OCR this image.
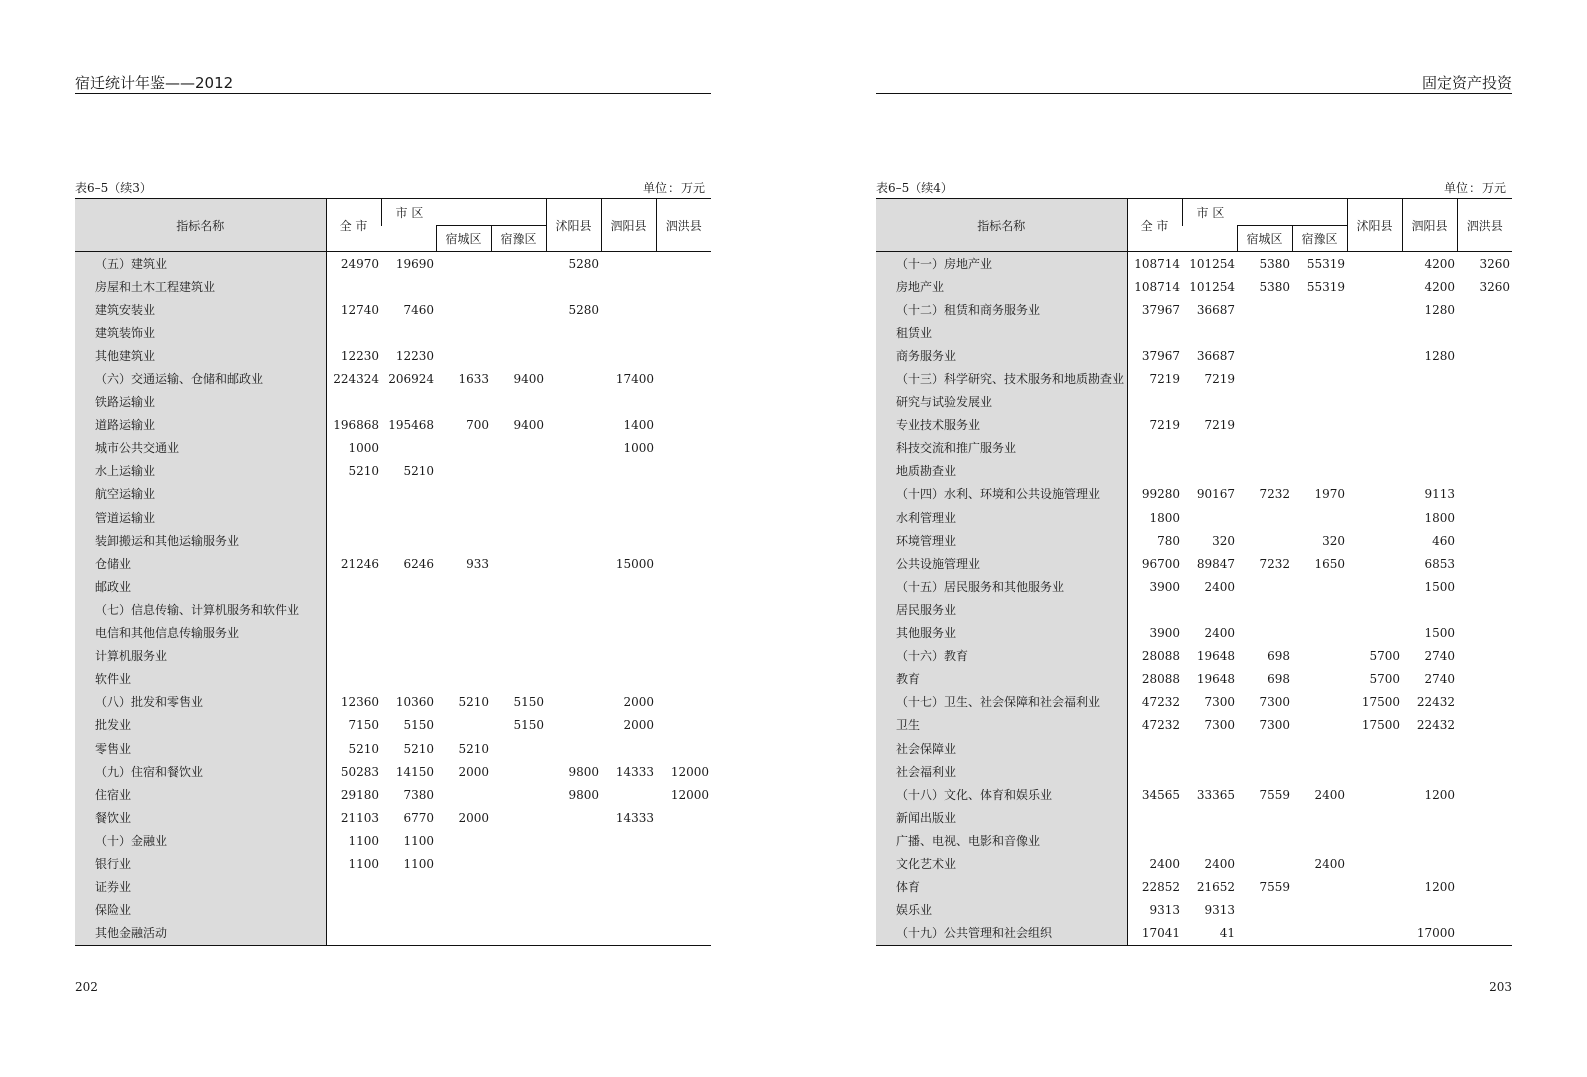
宿迁统计年鉴——2012
表6–5（续3）	单位：万元
指标名称	全 市	市 区			沭阳县	泗阳县	泗洪县
			宿城区	宿豫区			
（五）建筑业	24970	19690			5280		
房屋和土木工程建筑业							
建筑安装业	12740	7460			5280		
建筑装饰业							
其他建筑业	12230	12230					
（六）交通运输、仓储和邮政业	224324	206924	1633	9400		17400	
铁路运输业							
道路运输业	196868	195468	700	9400		1400	
城市公共交通业	1000					1000	
水上运输业	5210	5210					
航空运输业							
管道运输业							
装卸搬运和其他运输服务业							
仓储业	21246	6246	933			15000	
邮政业							
（七）信息传输、计算机服务和软件业							
电信和其他信息传输服务业							
计算机服务业							
软件业							
（八）批发和零售业	12360	10360	5210	5150		2000	
批发业	7150	5150		5150		2000	
零售业	5210	5210	5210				
（九）住宿和餐饮业	50283	14150	2000		9800	14333	12000
住宿业	29180	7380			9800		12000
餐饮业	21103	6770	2000			14333	
（十）金融业	1100	1100					
银行业	1100	1100					
证券业							
保险业							
其他金融活动							
202
固定资产投资
表6–5（续4）	单位：万元
指标名称	全 市	市 区			沭阳县	泗阳县	泗洪县
			宿城区	宿豫区			
（十一）房地产业	108714	101254	5380	55319		4200	3260
房地产业	108714	101254	5380	55319		4200	3260
（十二）租赁和商务服务业	37967	36687				1280	
租赁业							
商务服务业	37967	36687				1280	
（十三）科学研究、技术服务和地质勘查业	7219	7219					
研究与试验发展业							
专业技术服务业	7219	7219					
科技交流和推广服务业							
地质勘查业							
（十四）水利、环境和公共设施管理业	99280	90167	7232	1970		9113	
水利管理业	1800					1800	
环境管理业	780	320		320		460	
公共设施管理业	96700	89847	7232	1650		6853	
（十五）居民服务和其他服务业	3900	2400				1500	
居民服务业							
其他服务业	3900	2400				1500	
（十六）教育	28088	19648	698		5700	2740	
教育	28088	19648	698		5700	2740	
（十七）卫生、社会保障和社会福利业	47232	7300	7300		17500	22432	
卫生	47232	7300	7300		17500	22432	
社会保障业							
社会福利业							
（十八）文化、体育和娱乐业	34565	33365	7559	2400		1200	
新闻出版业							
广播、电视、电影和音像业							
文化艺术业	2400	2400		2400			
体育	22852	21652	7559			1200	
娱乐业	9313	9313					
（十九）公共管理和社会组织	17041	41				17000	
203
